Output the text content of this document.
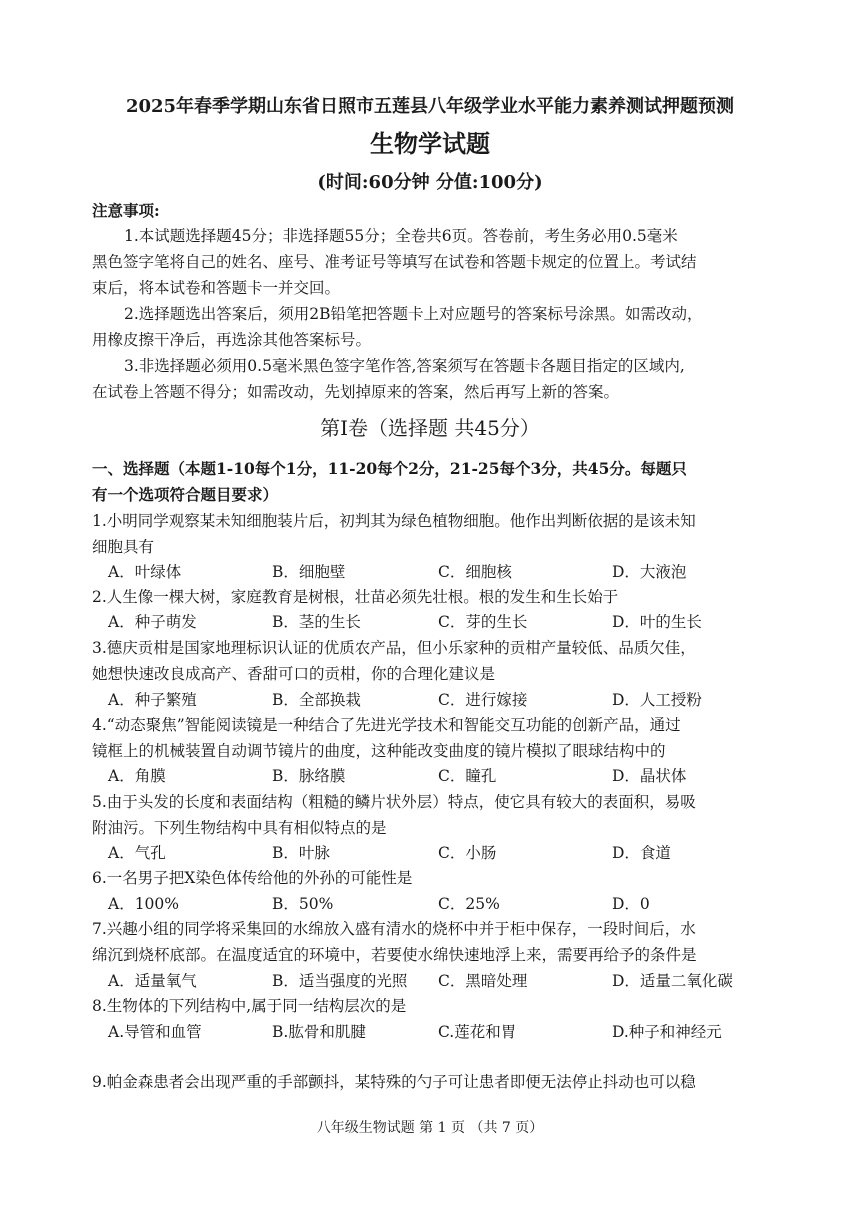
2025年春季学期山东省日照市五莲县八年级学业水平能力素养测试押题预测
生物学试题
(时间:60分钟 分值:100分)
注意事项:
1.本试题选择题45分；非选择题55分；全卷共6页。答卷前，考生务必用0.5毫米
黑色签字笔将自己的姓名、座号、准考证号等填写在试卷和答题卡规定的位置上。考试结
束后，将本试卷和答题卡一并交回。
2.选择题选出答案后，须用2B铅笔把答题卡上对应题号的答案标号涂黑。如需改动，
用橡皮擦干净后，再选涂其他答案标号。
3.非选择题必须用0.5毫米黑色签字笔作答,答案须写在答题卡各题目指定的区域内,
在试卷上答题不得分；如需改动，先划掉原来的答案，然后再写上新的答案。
第I卷（选择题 共45分）
一、选择题（本题1-10每个1分，11-20每个2分，21-25每个3分，共45分。每题只
有一个选项符合题目要求）
1.小明同学观察某未知细胞装片后，初判其为绿色植物细胞。他作出判断依据的是该未知
细胞具有
A．叶绿体	B．细胞壁	C．细胞核	D．大液泡
2.人生像一棵大树，家庭教育是树根，壮苗必须先壮根。根的发生和生长始于
A．种子萌发	B．茎的生长	C．芽的生长	D．叶的生长
3.德庆贡柑是国家地理标识认证的优质农产品，但小乐家种的贡柑产量较低、品质欠佳，
她想快速改良成高产、香甜可口的贡柑，你的合理化建议是
A．种子繁殖	B．全部换栽	C．进行嫁接	D．人工授粉
4.“动态聚焦”智能阅读镜是一种结合了先进光学技术和智能交互功能的创新产品，通过
镜框上的机械装置自动调节镜片的曲度，这种能改变曲度的镜片模拟了眼球结构中的
A．角膜	B．脉络膜	C．瞳孔	D．晶状体
5.由于头发的长度和表面结构（粗糙的鳞片状外层）特点，使它具有较大的表面积，易吸
附油污。下列生物结构中具有相似特点的是
A．气孔	B．叶脉	C．小肠	D．食道
6.一名男子把X染色体传给他的外孙的可能性是
A．100%	B．50%	C．25%	D．0
7.兴趣小组的同学将采集回的水绵放入盛有清水的烧杯中并于柜中保存，一段时间后，水
绵沉到烧杯底部。在温度适宜的环境中，若要使水绵快速地浮上来，需要再给予的条件是
A．适量氧气	B．适当强度的光照 C．黑暗处理	D．适量二氧化碳
8.生物体的下列结构中,属于同一结构层次的是
A.导管和血管	B.肱骨和肌腱	C.莲花和胃	D.种子和神经元
9.帕金森患者会出现严重的手部颤抖，某特殊的勺子可让患者即便无法停止抖动也可以稳
八年级生物试题 第 1 页 （共 7 页）
